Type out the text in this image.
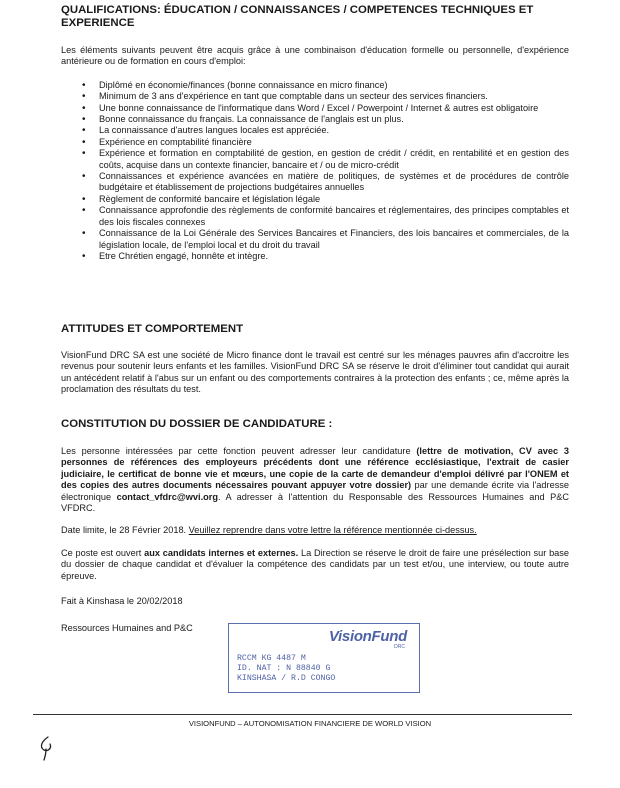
QUALIFICATIONS: ÉDUCATION / CONNAISSANCES / COMPETENCES TECHNIQUES ET EXPERIENCE

Les éléments suivants peuvent être acquis grâce à une combinaison d'éducation formelle ou personnelle, d'expérience antérieure ou de formation en cours d'emploi:

• Diplômé en économie/finances (bonne connaissance en micro finance)
• Minimum de 3 ans d'expérience en tant que comptable dans un secteur des services financiers.
• Une bonne connaissance de l'informatique dans Word / Excel / Powerpoint / Internet & autres est obligatoire
• Bonne connaissance du français. La connaissance de l'anglais est un plus.
• La connaissance d'autres langues locales est appréciée.
• Expérience en comptabilité financière
• Expérience et formation en comptabilité de gestion, en gestion de crédit / crédit, en rentabilité et en gestion des coûts, acquise dans un contexte financier, bancaire et / ou de micro-crédit
• Connaissances et expérience avancées en matière de politiques, de systèmes et de procédures de contrôle budgétaire et établissement de projections budgétaires annuelles
• Règlement de conformité bancaire et législation légale
• Connaissance approfondie des règlements de conformité bancaires et réglementaires, des principes comptables et des lois fiscales connexes
• Connaissance de la Loi Générale des Services Bancaires et Financiers, des lois bancaires et commerciales, de la législation locale, de l'emploi local et du droit du travail
• Etre Chrétien engagé, honnête et intègre.
ATTITUDES ET COMPORTEMENT

VisionFund DRC SA est une société de Micro finance dont le travail est centré sur les ménages pauvres afin d'accroitre les revenus pour soutenir leurs enfants et les familles. VisionFund DRC SA se réserve le droit d'éliminer tout candidat qui aurait un antécédent relatif à l'abus sur un enfant ou des comportements contraires à la protection des enfants ; ce, même après la proclamation des résultats du test.

CONSTITUTION DU DOSSIER DE CANDIDATURE :

Les personne intéressées par cette fonction peuvent adresser leur candidature (lettre de motivation, CV avec 3 personnes de références des employeurs précédents dont une référence ecclésiastique, l'extrait de casier judiciaire, le certificat de bonne vie et mœurs, une copie de la carte de demandeur d'emploi délivré par l'ONEM et des copies des autres documents nécessaires pouvant appuyer votre dossier) par une demande écrite via l'adresse électronique contact_vfdrc@wvi.org. A adresser à l'attention du Responsable des Ressources Humaines and P&C VFDRC.

Date limite, le 28 Février 2018. Veuillez reprendre dans votre lettre la référence mentionnée ci-dessus.

Ce poste est ouvert aux candidats internes et externes. La Direction se réserve le droit de faire une présélection sur base du dossier de chaque candidat et d'évaluer la compétence des candidats par un test et/ou, une interview, ou toute autre épreuve.

Fait à Kinshasa le 20/02/2018

Ressources Humaines and P&C	VisionFund
DRC
RCCM KG 4487 M
ID. NAT : N 88840 G
KINSHASA / R.D CONGO
VISIONFUND – AUTONOMISATION FINANCIERE DE WORLD VISION
